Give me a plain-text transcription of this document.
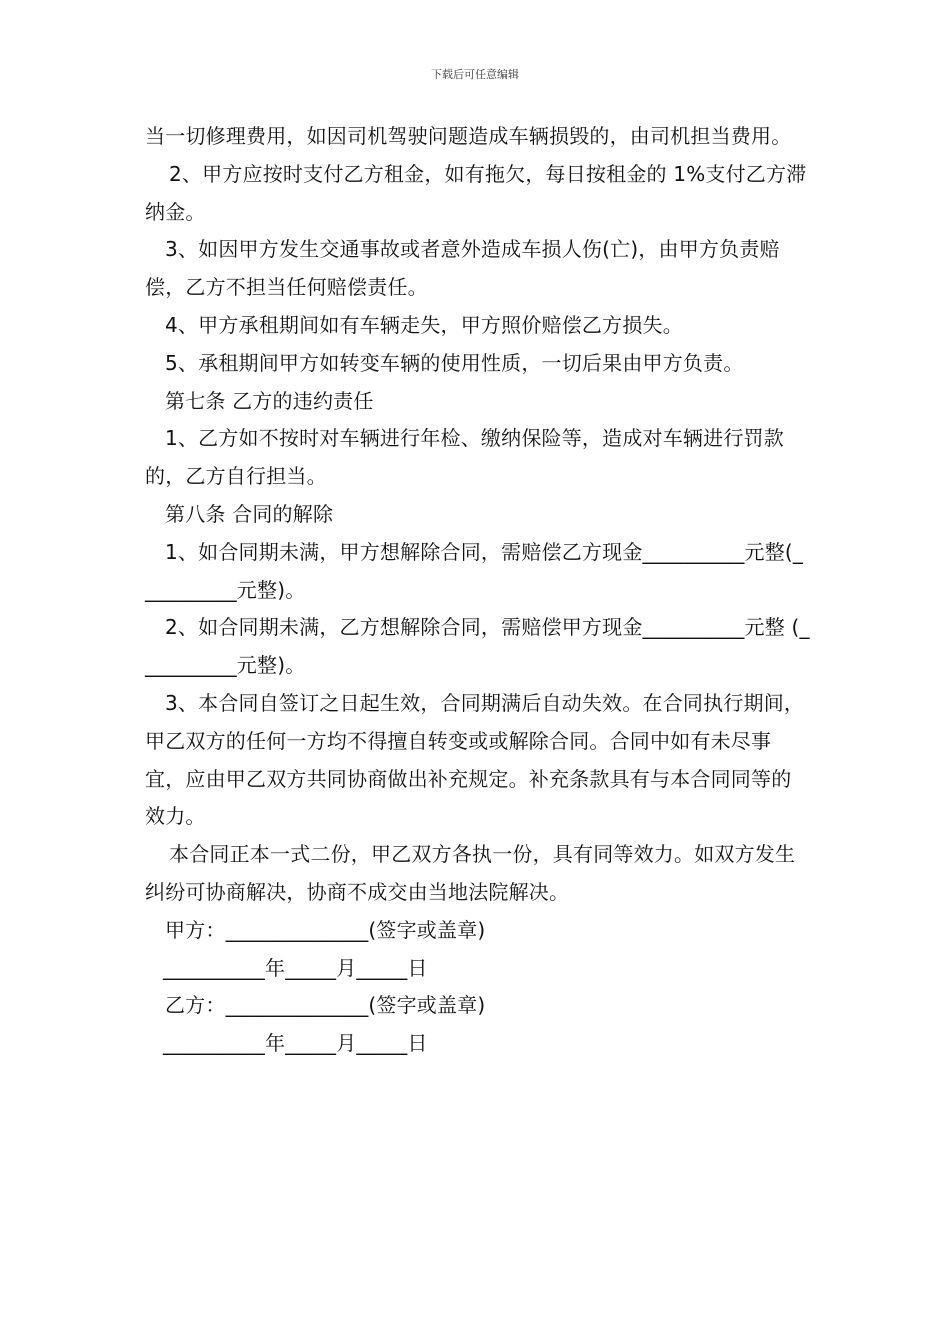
下载后可任意编辑

当一切修理费用，如因司机驾驶问题造成车辆损毁的，由司机担当费用。

2、甲方应按时支付乙方租金，如有拖欠，每日按租金的 1%支付乙方滞纳金。

3、如因甲方发生交通事故或者意外造成车损人伤(亡)，由甲方负责赔偿，乙方不担当任何赔偿责任。

4、甲方承租期间如有车辆走失，甲方照价赔偿乙方损失。

5、承租期间甲方如转变车辆的使用性质，一切后果由甲方负责。

第七条 乙方的违约责任

1、乙方如不按时对车辆进行年检、缴纳保险等，造成对车辆进行罚款的，乙方自行担当。

第八条 合同的解除

1、如合同期未满，甲方想解除合同，需赔偿乙方现金__________元整(__________元整)。

2、如合同期未满，乙方想解除合同，需赔偿甲方现金__________元整 (__________元整)。

3、本合同自签订之日起生效，合同期满后自动失效。在合同执行期间，甲乙双方的任何一方均不得擅自转变或或解除合同。合同中如有未尽事宜，应由甲乙双方共同协商做出补充规定。补充条款具有与本合同同等的效力。

本合同正本一式二份，甲乙双方各执一份，具有同等效力。如双方发生纠纷可协商解决，协商不成交由当地法院解决。

甲方：______________(签字或盖章)

__________年_____月_____日

乙方：______________(签字或盖章)

__________年_____月_____日
